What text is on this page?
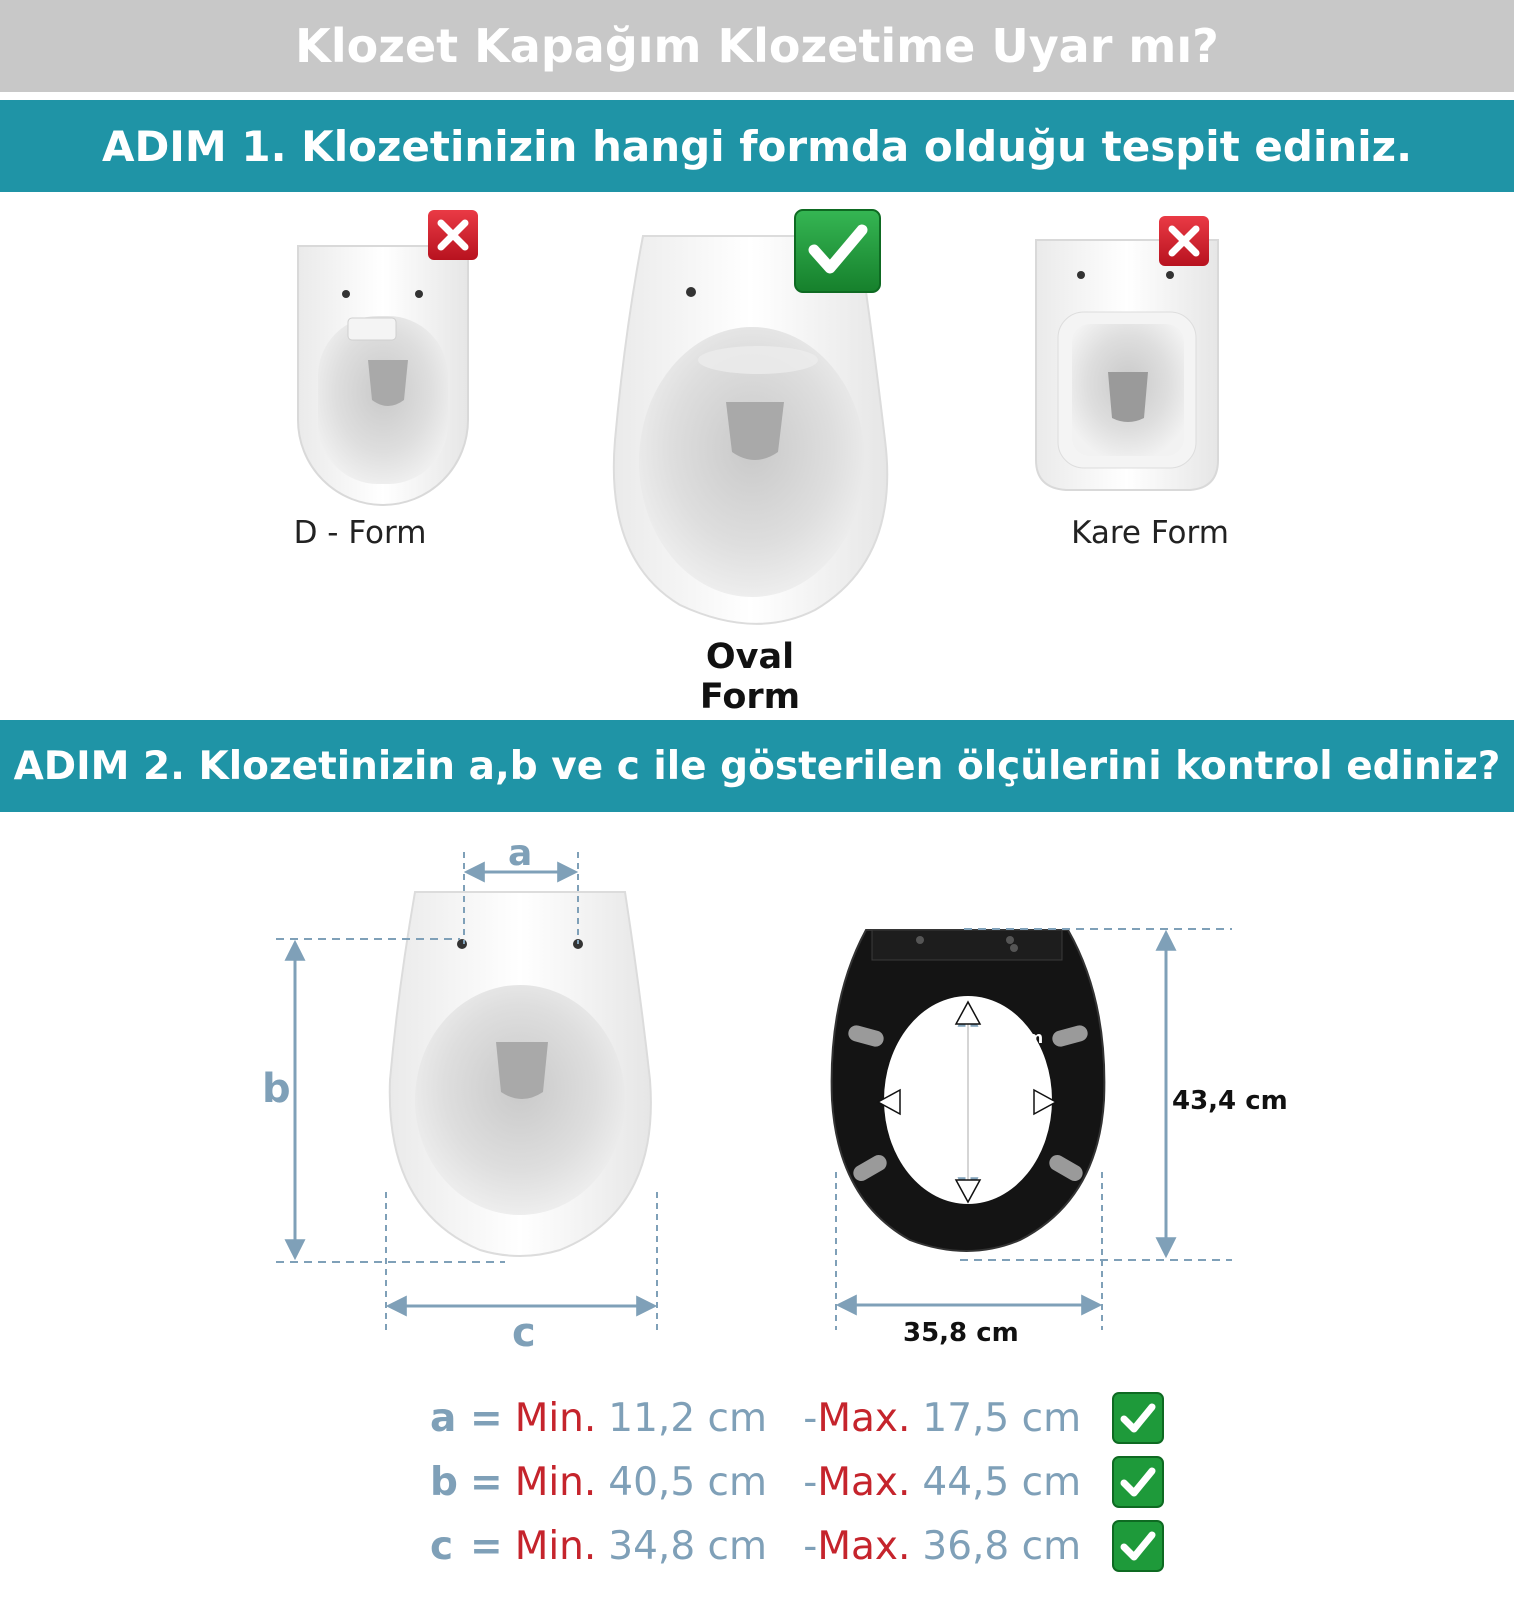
Klozet Kapağım Klozetime Uyar mı?
ADIM 1. Klozetinizin hangi formda olduğu tespit ediniz.
D - Form
Oval Form
Kare Form
ADIM 2. Klozetinizin a,b ve c ile gösterilen ölçülerini kontrol ediniz?
a
b
c
28,2 cm
21,9 cm
43,4 cm
35,8 cm
a = Min. 11,2 cm - Max. 17,5 cm
b = Min. 40,5 cm - Max. 44,5 cm
c = Min. 34,8 cm - Max. 36,8 cm
